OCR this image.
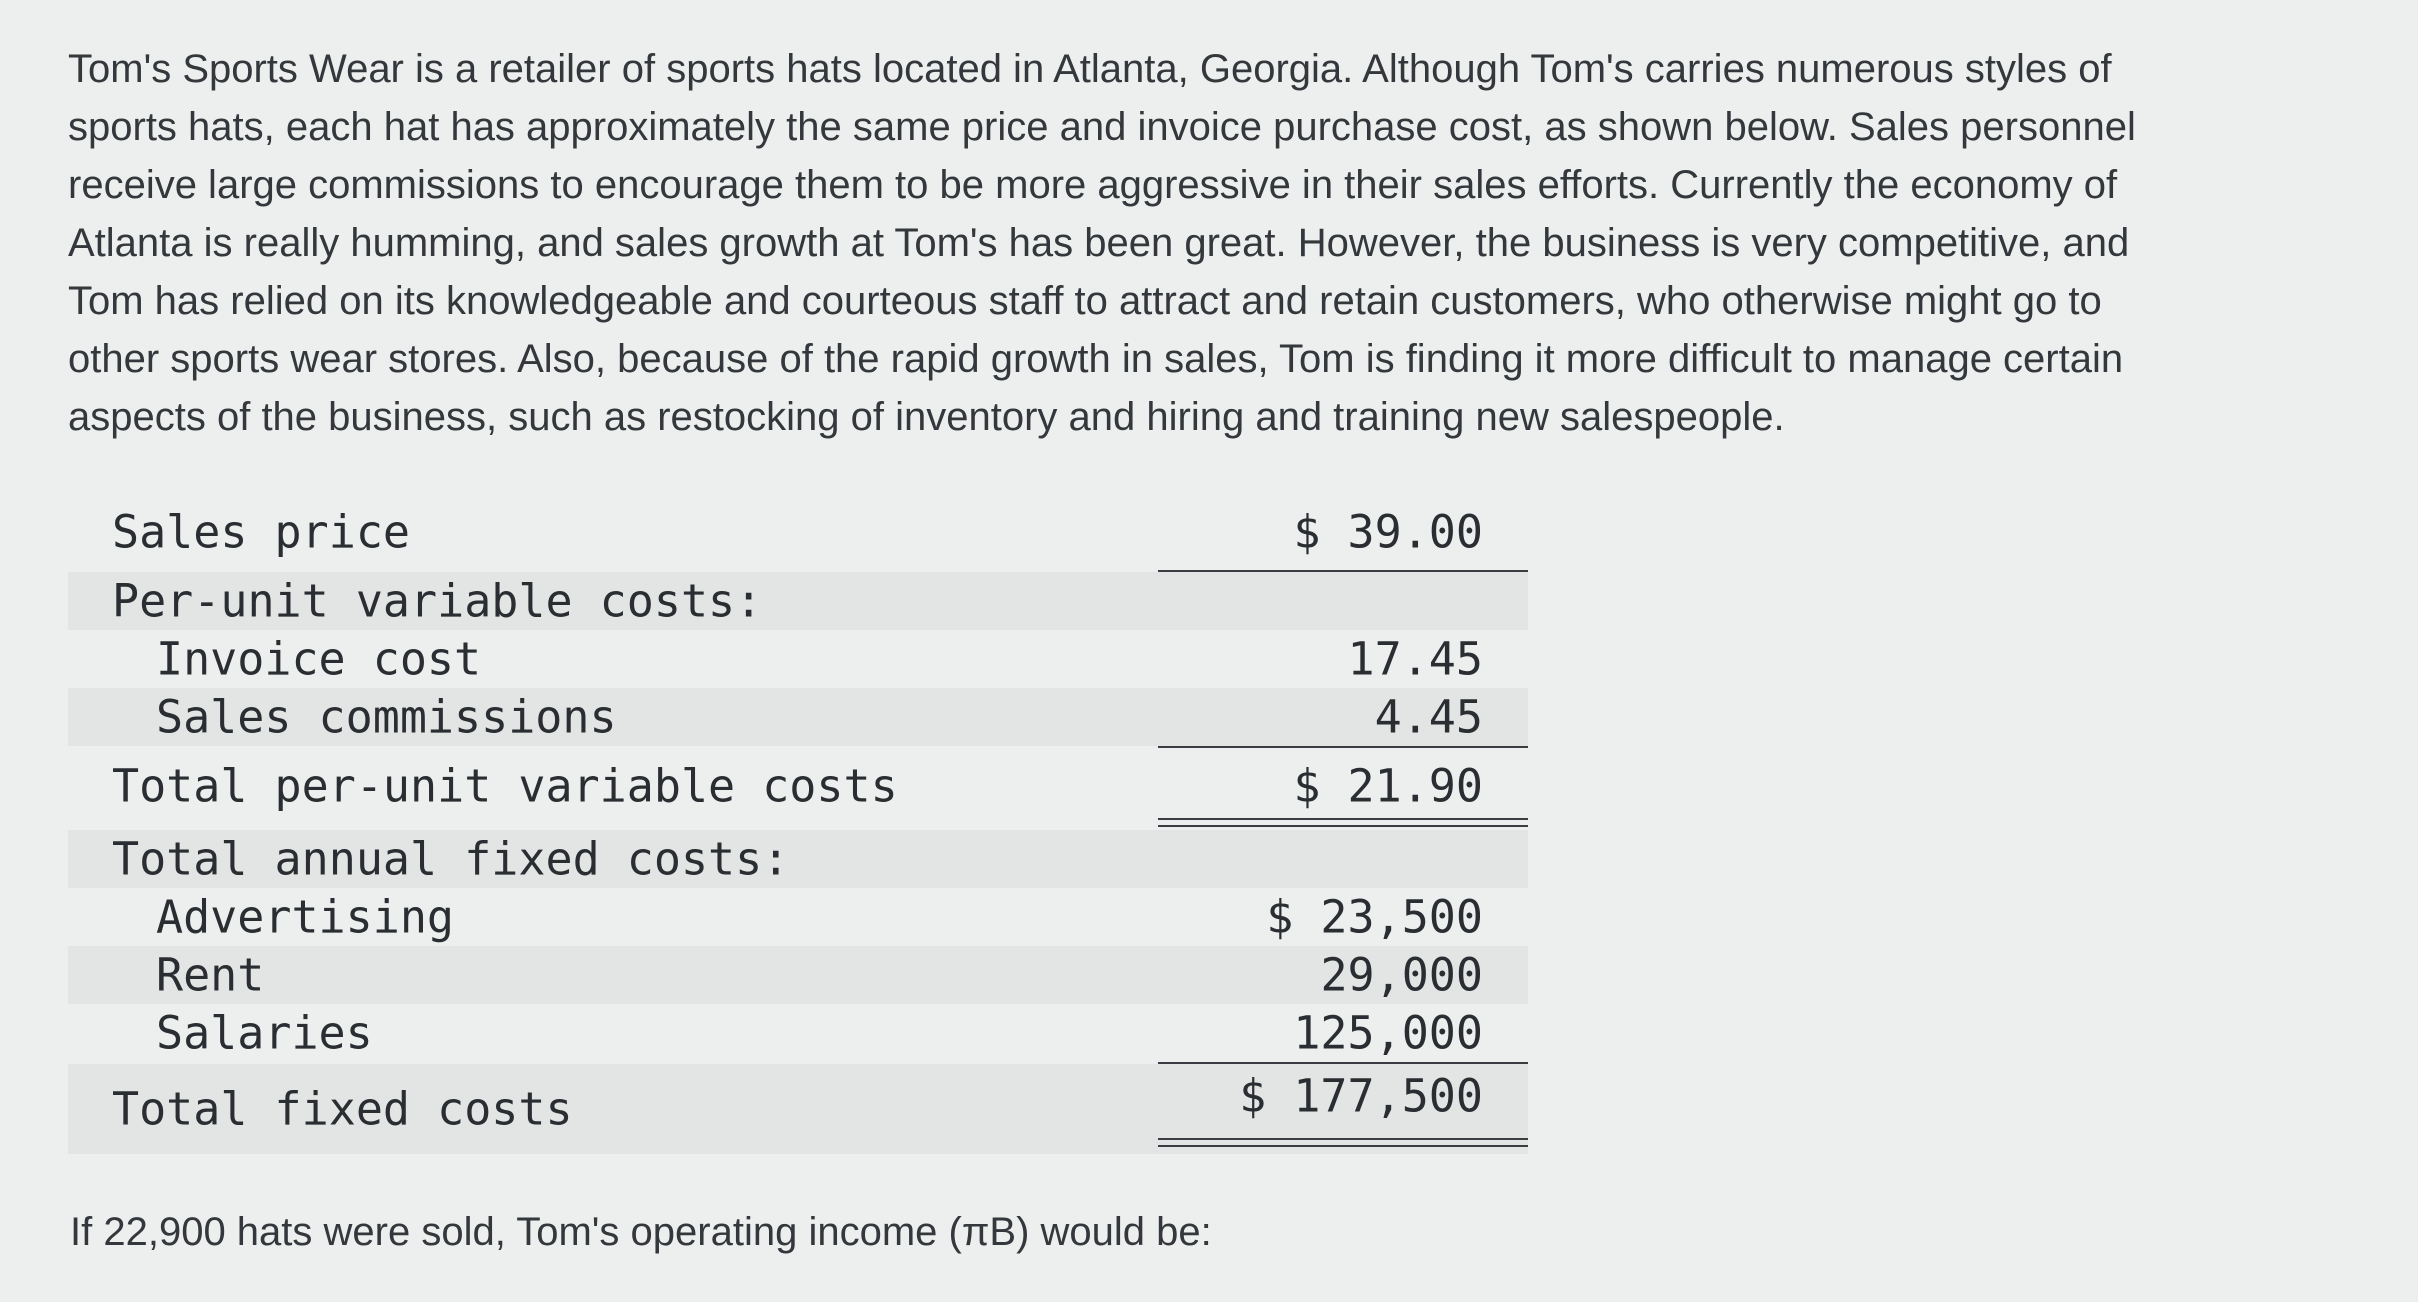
Tom's Sports Wear is a retailer of sports hats located in Atlanta, Georgia. Although Tom's carries numerous styles of
sports hats, each hat has approximately the same price and invoice purchase cost, as shown below. Sales personnel
receive large commissions to encourage them to be more aggressive in their sales efforts. Currently the economy of
Atlanta is really humming, and sales growth at Tom's has been great. However, the business is very competitive, and
Tom has relied on its knowledgeable and courteous staff to attract and retain customers, who otherwise might go to
other sports wear stores. Also, because of the rapid growth in sales, Tom is finding it more difficult to manage certain
aspects of the business, such as restocking of inventory and hiring and training new salespeople.

Sales price	$ 39.00
Per-unit variable costs:
Invoice cost	17.45
Sales commissions	4.45
Total per-unit variable costs	$ 21.90
Total annual fixed costs:
Advertising	$ 23,500
Rent	29,000
Salaries	125,000
Total fixed costs	$ 177,500
If 22,900 hats were sold, Tom's operating income (πB) would be:
